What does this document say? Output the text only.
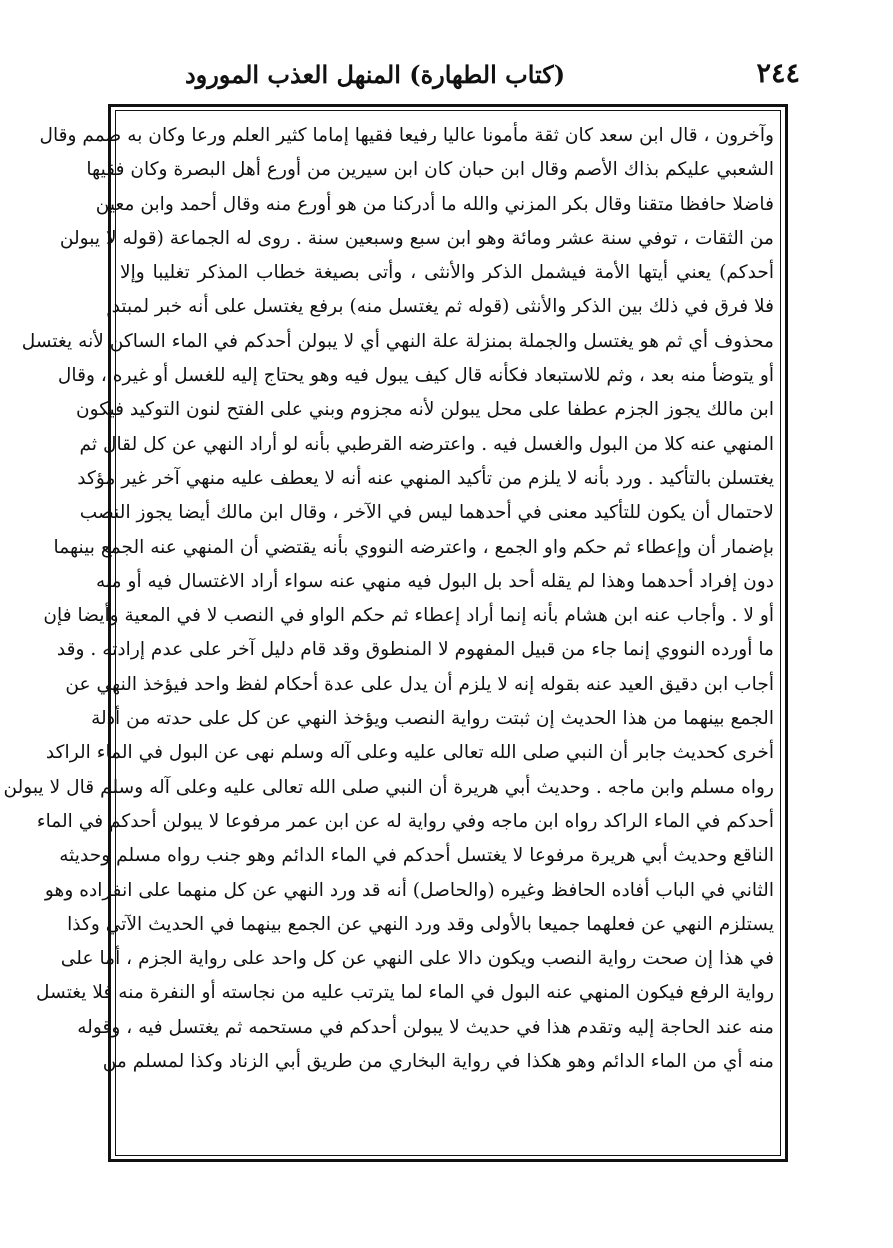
٢٤٤
(كتاب الطهارة) المنهل العذب المورود
وآخرون ، قال ابن سعد كان ثقة مأمونا عاليا رفيعا فقيها إماما كثير العلم ورعا وكان به صمم وقال
الشعبي عليكم بذاك الأصم وقال ابن حبان كان ابن سيرين من أورع أهل البصرة وكان فقيها
فاضلا حافظا متقنا وقال بكر المزني والله ما أدركنا من هو أورع منه وقال أحمد وابن معين
من الثقات ، توفي سنة عشر ومائة وهو ابن سبع وسبعين سنة . روى له الجماعة (قوله لا يبولن
أحدكم) يعني أيتها الأمة فيشمل الذكر والأنثى ، وأتى بصيغة خطاب المذكر تغليبا وإلا
فلا فرق في ذلك بين الذكر والأنثى (قوله ثم يغتسل منه) برفع يغتسل على أنه خبر لمبتدإ
محذوف أي ثم هو يغتسل والجملة بمنزلة علة النهي أي لا يبولن أحدكم في الماء الساكن لأنه يغتسل
أو يتوضأ منه بعد ، وثم للاستبعاد فكأنه قال كيف يبول فيه وهو يحتاج إليه للغسل أو غيره ، وقال
ابن مالك يجوز الجزم عطفا على محل يبولن لأنه مجزوم وبني على الفتح لنون التوكيد فيكون
المنهي عنه كلا من البول والغسل فيه . واعترضه القرطبي بأنه لو أراد النهي عن كل لقال ثم
يغتسلن بالتأكيد . ورد بأنه لا يلزم من تأكيد المنهي عنه أنه لا يعطف عليه منهي آخر غير مؤكد
لاحتمال أن يكون للتأكيد معنى في أحدهما ليس في الآخر ، وقال ابن مالك أيضا يجوز النصب
بإضمار أن وإعطاء ثم حكم واو الجمع ، واعترضه النووي بأنه يقتضي أن المنهي عنه الجمع بينهما
دون إفراد أحدهما وهذا لم يقله أحد بل البول فيه منهي عنه سواء أراد الاغتسال فيه أو منه
أو لا . وأجاب عنه ابن هشام بأنه إنما أراد إعطاء ثم حكم الواو في النصب لا في المعية وأيضا فإن
ما أورده النووي إنما جاء من قبيل المفهوم لا المنطوق وقد قام دليل آخر على عدم إرادته . وقد
أجاب ابن دقيق العيد عنه بقوله إنه لا يلزم أن يدل على عدة أحكام لفظ واحد فيؤخذ النهي عن
الجمع بينهما من هذا الحديث إن ثبتت رواية النصب ويؤخذ النهي عن كل على حدته من أدلة
أخرى كحديث جابر أن النبي صلى الله تعالى عليه وعلى آله وسلم نهى عن البول في الماء الراكد
رواه مسلم وابن ماجه . وحديث أبي هريرة أن النبي صلى الله تعالى عليه وعلى آله وسلم قال لا يبولن
أحدكم في الماء الراكد رواه ابن ماجه وفي رواية له عن ابن عمر مرفوعا لا يبولن أحدكم في الماء
الناقع وحديث أبي هريرة مرفوعا لا يغتسل أحدكم في الماء الدائم وهو جنب رواه مسلم وحديثه
الثاني في الباب أفاده الحافظ وغيره (والحاصل) أنه قد ورد النهي عن كل منهما على انفراده وهو
يستلزم النهي عن فعلهما جميعا بالأولى وقد ورد النهي عن الجمع بينهما في الحديث الآتي وكذا
في هذا إن صحت رواية النصب ويكون دالا على النهي عن كل واحد على رواية الجزم ، أما على
رواية الرفع فيكون المنهي عنه البول في الماء لما يترتب عليه من نجاسته أو النفرة منه فلا يغتسل
منه عند الحاجة إليه وتقدم هذا في حديث لا يبولن أحدكم في مستحمه ثم يغتسل فيه ، وقوله
منه أي من الماء الدائم وهو هكذا في رواية البخاري من طريق أبي الزناد وكذا لمسلم من
